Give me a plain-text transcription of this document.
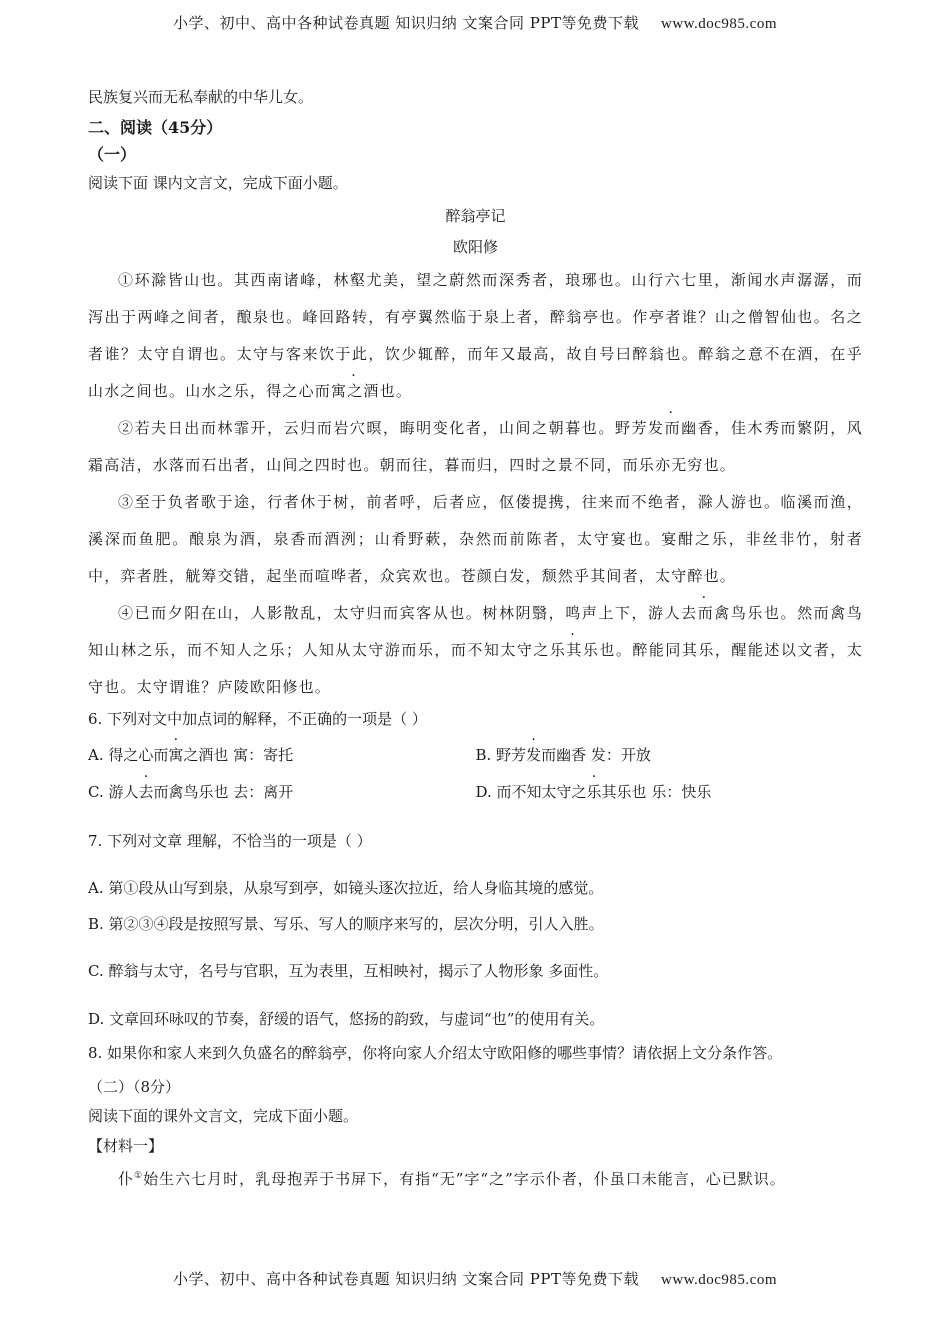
小学、初中、高中各种试卷真题 知识归纳 文案合同 PPT等免费下载 www.doc985.com
民族复兴而无私奉献的中华儿女。
二、阅读（45分）
（一）
阅读下面 课内文言文，完成下面小题。
醉翁亭记
欧阳修
①环滁皆山也。其西南诸峰，林壑尤美，望之蔚然而深秀者，琅琊也。山行六七里，渐闻水声潺潺，而泻出于两峰之间者，酿泉也。峰回路转，有亭翼然临于泉上者，醉翁亭也。作亭者谁？山之僧智仙也。名之者谁？太守自谓也。太守与客来饮于此，饮少辄醉，而年又最高，故自号曰醉翁也。醉翁之意不在酒，在乎山水之间也。山水之乐，得之心而寓之酒也。
②若夫日出而林霏开，云归而岩穴暝，晦明变化者，山间之朝暮也。野芳发而幽香，佳木秀而繁阴，风霜高洁，水落而石出者，山间之四时也。朝而往，暮而归，四时之景不同，而乐亦无穷也。
③至于负者歌于途，行者休于树，前者呼，后者应，伛偻提携，往来而不绝者，滁人游也。临溪而渔，溪深而鱼肥。酿泉为酒，泉香而酒洌；山肴野蔌，杂然而前陈者，太守宴也。宴酣之乐，非丝非竹，射者中，弈者胜，觥筹交错，起坐而喧哗者，众宾欢也。苍颜白发，颓然乎其间者，太守醉也。
④已而夕阳在山，人影散乱，太守归而宾客从也。树林阴翳，鸣声上下，游人去而禽鸟乐也。然而禽鸟知山林之乐，而不知人之乐；人知从太守游而乐，而不知太守之乐其乐也。醉能同其乐，醒能述以文者，太守也。太守谓谁？庐陵欧阳修也。
6. 下列对文中加点词的解释，不正确的一项是（ ）
A. 得之心而寓之酒也 寓：寄托	B. 野芳发而幽香 发：开放
C. 游人去而禽鸟乐也 去：离开	D. 而不知太守之乐其乐也 乐：快乐
7. 下列对文章 理解，不恰当的一项是（ ）
A. 第①段从山写到泉，从泉写到亭，如镜头逐次拉近，给人身临其境的感觉。
B. 第②③④段是按照写景、写乐、写人的顺序来写的，层次分明，引人入胜。
C. 醉翁与太守，名号与官职，互为表里，互相映衬，揭示了人物形象 多面性。
D. 文章回环咏叹的节奏，舒缓的语气，悠扬的韵致，与虚词“也”的使用有关。
8. 如果你和家人来到久负盛名的醉翁亭，你将向家人介绍太守欧阳修的哪些事情？请依据上文分条作答。
（二）（8分）
阅读下面的课外文言文，完成下面小题。
【材料一】
仆①始生六七月时，乳母抱弄于书屏下，有指“无”字“之”字示仆者，仆虽口未能言，心已默识。
小学、初中、高中各种试卷真题 知识归纳 文案合同 PPT等免费下载 www.doc985.com
